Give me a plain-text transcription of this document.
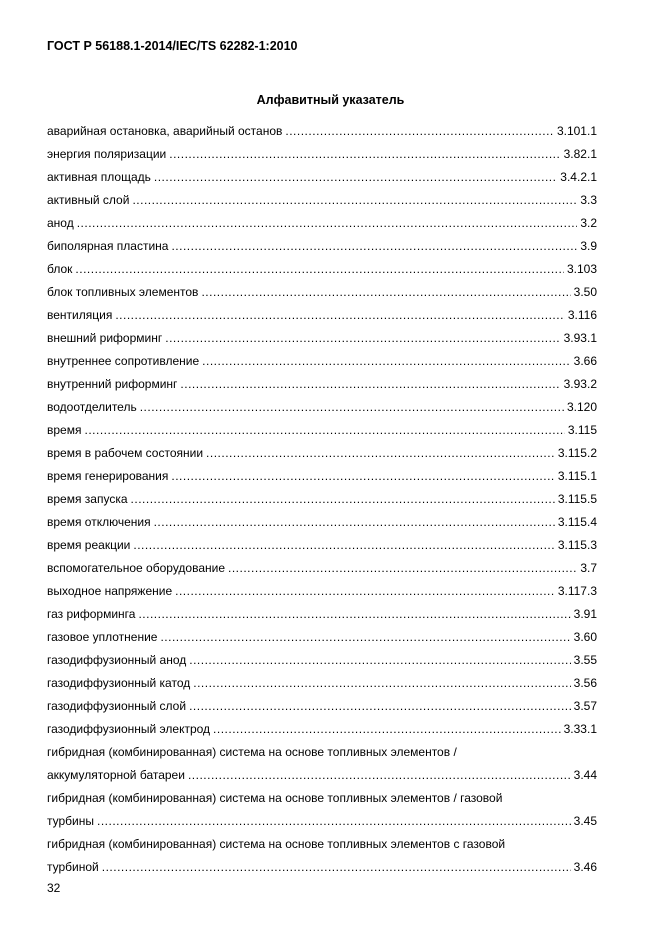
ГОСТ Р 56188.1-2014/IEC/TS 62282-1:2010
Алфавитный указатель
аварийная остановка, аварийный останов .....	3.101.1
энергия поляризации .....	3.82.1
активная площадь .....	3.4.2.1
активный слой .....	3.3
анод .....	3.2
биполярная пластина .....	3.9
блок .....	3.103
блок топливных элементов .....	3.50
вентиляция .....	3.116
внешний риформинг .....	3.93.1
внутреннее сопротивление .....	3.66
внутренний риформинг .....	3.93.2
водоотделитель .....	3.120
время .....	3.115
время в рабочем состоянии .....	3.115.2
время генерирования .....	3.115.1
время запуска .....	3.115.5
время отключения .....	3.115.4
время реакции .....	3.115.3
вспомогательное оборудование .....	3.7
выходное напряжение .....	3.117.3
газ риформинга .....	3.91
газовое уплотнение .....	3.60
газодиффузионный анод .....	3.55
газодиффузионный катод .....	3.56
газодиффузионный слой .....	3.57
газодиффузионный электрод .....	3.33.1
гибридная (комбинированная) система на основе топливных элементов /
аккумуляторной батареи .....	3.44
гибридная (комбинированная) система на основе топливных элементов / газовой
турбины .....	3.45
гибридная (комбинированная) система на основе топливных элементов с газовой
турбиной .....	3.46
32
